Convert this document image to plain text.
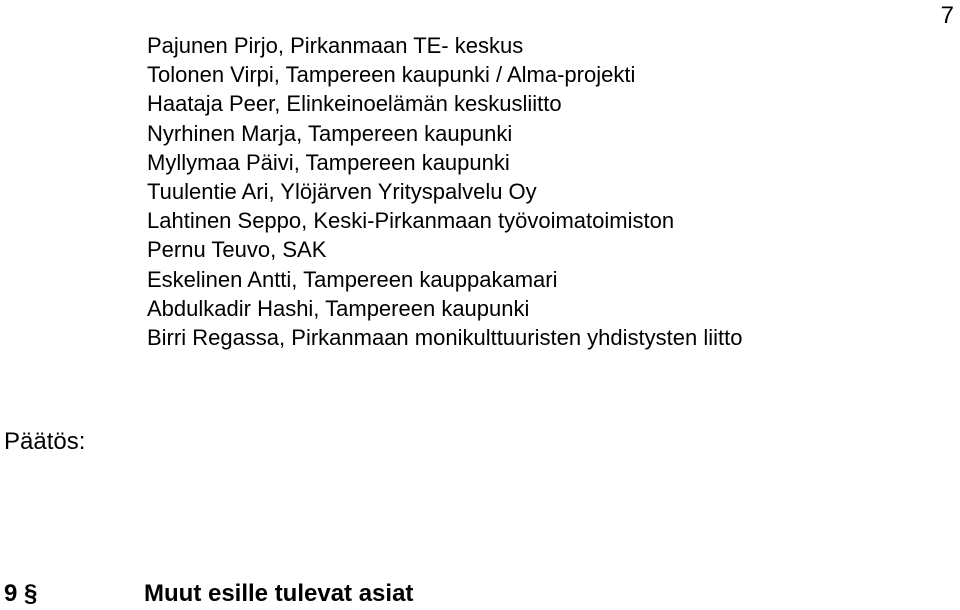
7
Pajunen Pirjo, Pirkanmaan TE- keskus
Tolonen Virpi, Tampereen kaupunki / Alma-projekti
Haataja Peer, Elinkeinoelämän keskusliitto
Nyrhinen Marja, Tampereen kaupunki
Myllymaa Päivi, Tampereen kaupunki
Tuulentie Ari, Ylöjärven Yrityspalvelu Oy
Lahtinen Seppo, Keski-Pirkanmaan työvoimatoimiston
Pernu Teuvo, SAK
Eskelinen Antti, Tampereen kauppakamari
Abdulkadir Hashi, Tampereen kaupunki
Birri Regassa, Pirkanmaan monikulttuuristen yhdistysten liitto
Päätös:
9 §	Muut esille tulevat asiat
